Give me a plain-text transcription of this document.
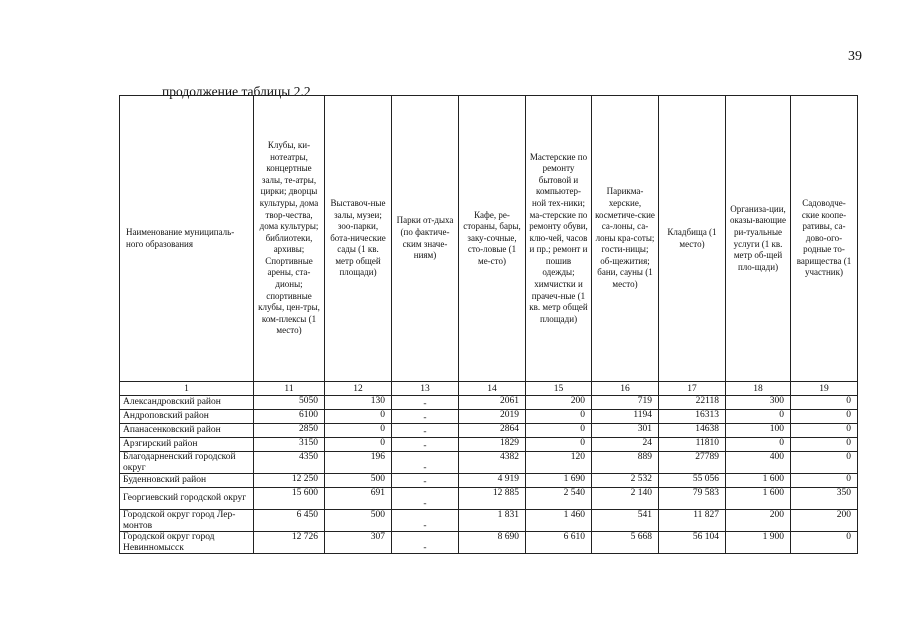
39
продолжение таблицы 2.2
Наименование муниципаль-ного образования	Клубы, ки-нотеатры, концертные залы, те-атры, цирки; дворцы культуры, дома твор-чества, дома культуры; библиотеки, архивы; Спортивные арены, ста-дионы; спортивные клубы, цен-тры, ком-плексы (1 место)	Выставоч-ные залы, музеи; зоо-парки, бота-нические сады (1 кв. метр общей площади)	Парки от-дыха (по фактиче-ским значе-ниям)	Кафе, ре-стораны, бары, заку-сочные, сто-ловые (1 ме-сто)	Мастерские по ремонту бытовой и компьютер-ной тех-ники; ма-стерские по ремонту обуви, клю-чей, часов и пр.; ремонт и пошив одежды; химчистки и прачеч-ные (1 кв. метр общей площади)	Парикма-херские, косметиче-ские са-лоны, са-лоны кра-соты; гости-ницы; об-щежития; бани, сауны (1 место)	Кладбища (1 место)	Организа-ции, оказы-вающие ри-туальные услуги (1 кв. метр об-щей пло-щади)	Садоводче-ские коопе-ративы, са-дово-ого-родные то-варищества (1 участник)
1	11	12	13	14	15	16	17	18	19
Александровский район	5050	130	-	2061	200	719	22118	300	0
Андроповский район	6100	0	-	2019	0	1194	16313	0	0
Апанасенковский район	2850	0	-	2864	0	301	14638	100	0
Арзгирский район	3150	0	-	1829	0	24	11810	0	0
Благодарненский городской округ	4350	196	-	4382	120	889	27789	400	0
Буденновский район	12 250	500	-	4 919	1 690	2 532	55 056	1 600	0
Георгиевский городской округ	15 600	691	-	12 885	2 540	2 140	79 583	1 600	350
Городской округ город Лер-монтов	6 450	500	-	1 831	1 460	541	11 827	200	200
Городской округ город Невинномысск	12 726	307	-	8 690	6 610	5 668	56 104	1 900	0
